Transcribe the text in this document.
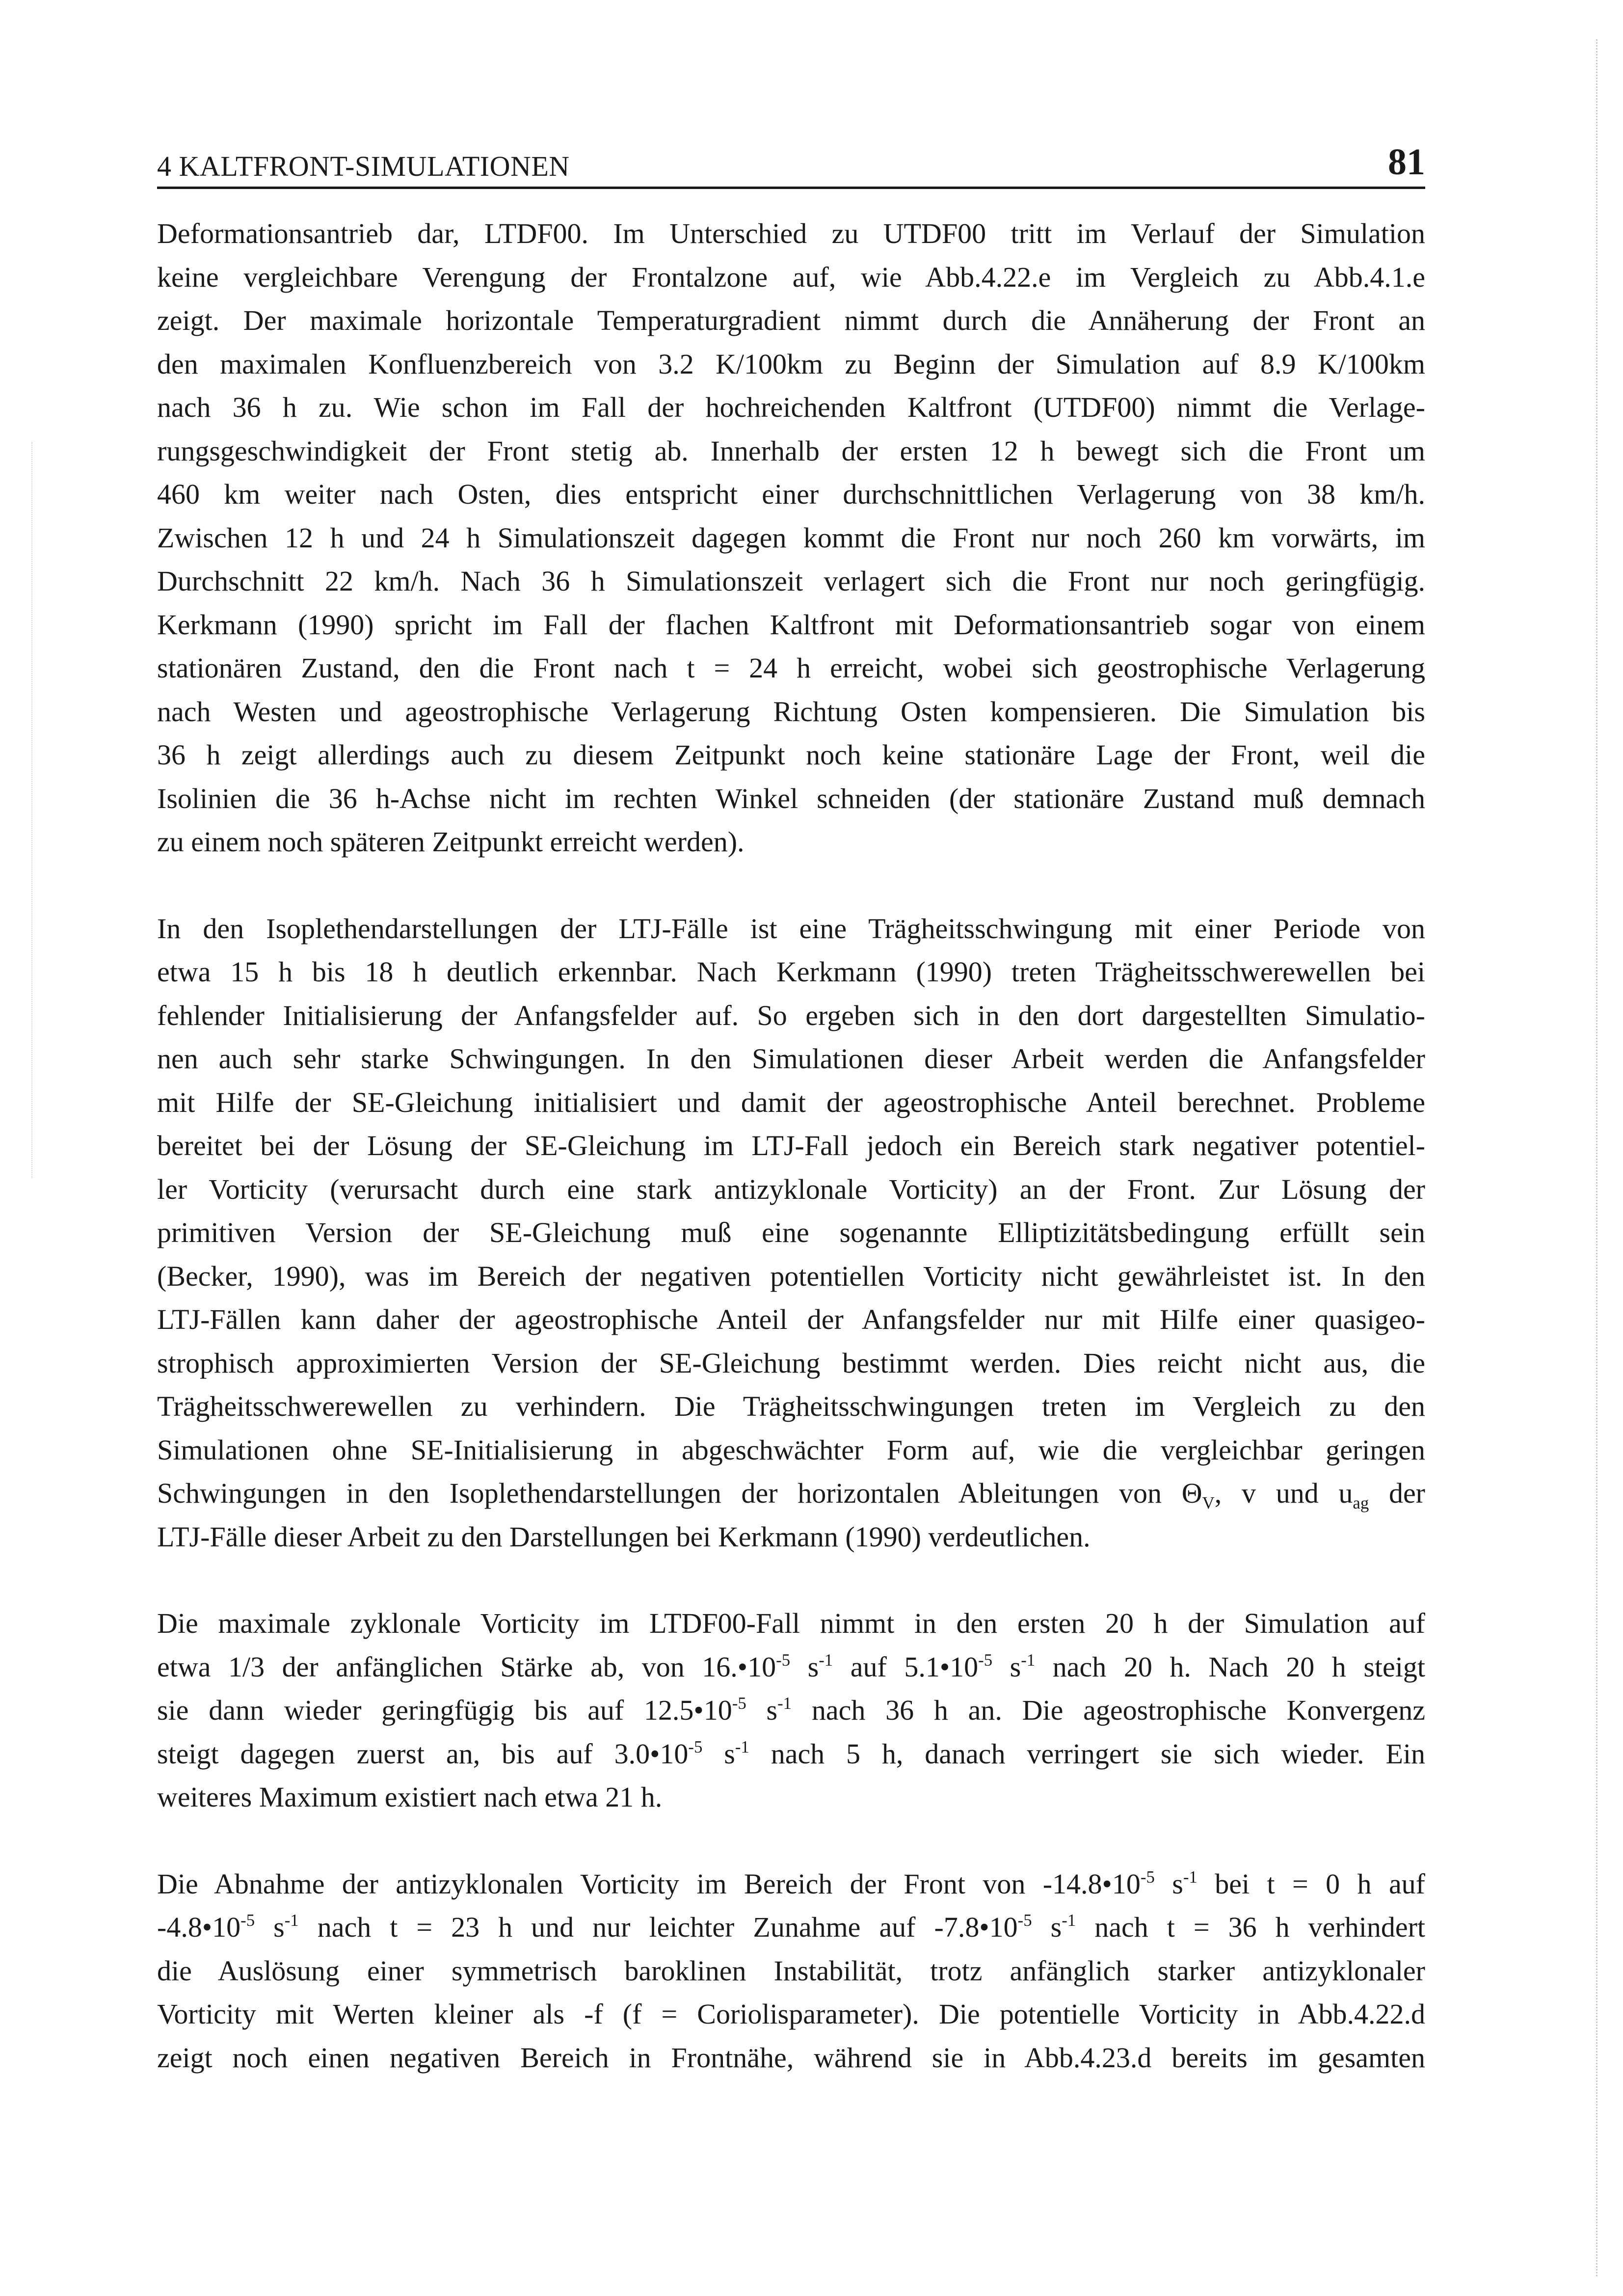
4 KALTFRONT-SIMULATIONEN	81
Deformationsantrieb dar, LTDF00. Im Unterschied zu UTDF00 tritt im Verlauf der Simulation
keine vergleichbare Verengung der Frontalzone auf, wie Abb.4.22.e im Vergleich zu Abb.4.1.e
zeigt. Der maximale horizontale Temperaturgradient nimmt durch die Annäherung der Front an
den maximalen Konfluenzbereich von 3.2 K/100km zu Beginn der Simulation auf 8.9 K/100km
nach 36 h zu. Wie schon im Fall der hochreichenden Kaltfront (UTDF00) nimmt die Verlage-
rungsgeschwindigkeit der Front stetig ab. Innerhalb der ersten 12 h bewegt sich die Front um
460 km weiter nach Osten, dies entspricht einer durchschnittlichen Verlagerung von 38 km/h.
Zwischen 12 h und 24 h Simulationszeit dagegen kommt die Front nur noch 260 km vorwärts, im
Durchschnitt 22 km/h. Nach 36 h Simulationszeit verlagert sich die Front nur noch geringfügig.
Kerkmann (1990) spricht im Fall der flachen Kaltfront mit Deformationsantrieb sogar von einem
stationären Zustand, den die Front nach t = 24 h erreicht, wobei sich geostrophische Verlagerung
nach Westen und ageostrophische Verlagerung Richtung Osten kompensieren. Die Simulation bis
36 h zeigt allerdings auch zu diesem Zeitpunkt noch keine stationäre Lage der Front, weil die
Isolinien die 36 h-Achse nicht im rechten Winkel schneiden (der stationäre Zustand muß demnach
zu einem noch späteren Zeitpunkt erreicht werden).
In den Isoplethendarstellungen der LTJ-Fälle ist eine Trägheitsschwingung mit einer Periode von
etwa 15 h bis 18 h deutlich erkennbar. Nach Kerkmann (1990) treten Trägheitsschwerewellen bei
fehlender Initialisierung der Anfangsfelder auf. So ergeben sich in den dort dargestellten Simulatio-
nen auch sehr starke Schwingungen. In den Simulationen dieser Arbeit werden die Anfangsfelder
mit Hilfe der SE-Gleichung initialisiert und damit der ageostrophische Anteil berechnet. Probleme
bereitet bei der Lösung der SE-Gleichung im LTJ-Fall jedoch ein Bereich stark negativer potentiel-
ler Vorticity (verursacht durch eine stark antizyklonale Vorticity) an der Front. Zur Lösung der
primitiven Version der SE-Gleichung muß eine sogenannte Elliptizitätsbedingung erfüllt sein
(Becker, 1990), was im Bereich der negativen potentiellen Vorticity nicht gewährleistet ist. In den
LTJ-Fällen kann daher der ageostrophische Anteil der Anfangsfelder nur mit Hilfe einer quasigeo-
strophisch approximierten Version der SE-Gleichung bestimmt werden. Dies reicht nicht aus, die
Trägheitsschwerewellen zu verhindern. Die Trägheitsschwingungen treten im Vergleich zu den
Simulationen ohne SE-Initialisierung in abgeschwächter Form auf, wie die vergleichbar geringen
Schwingungen in den Isoplethendarstellungen der horizontalen Ableitungen von $\Theta_V$, v und $u_{ag}$ der
LTJ-Fälle dieser Arbeit zu den Darstellungen bei Kerkmann (1990) verdeutlichen.
Die maximale zyklonale Vorticity im LTDF00-Fall nimmt in den ersten 20 h der Simulation auf
etwa 1/3 der anfänglichen Stärke ab, von $16.•10^{-5}$ $s^{-1}$ auf $5.1•10^{-5}$ $s^{-1}$ nach 20 h. Nach 20 h steigt
sie dann wieder geringfügig bis auf $12.5•10^{-5}$ $s^{-1}$ nach 36 h an. Die ageostrophische Konvergenz
steigt dagegen zuerst an, bis auf $3.0•10^{-5}$ $s^{-1}$ nach 5 h, danach verringert sie sich wieder. Ein
weiteres Maximum existiert nach etwa 21 h.
Die Abnahme der antizyklonalen Vorticity im Bereich der Front von $-14.8•10^{-5}$ $s^{-1}$ bei t = 0 h auf
$-4.8•10^{-5}$ $s^{-1}$ nach t = 23 h und nur leichter Zunahme auf $-7.8•10^{-5}$ $s^{-1}$ nach t = 36 h verhindert
die Auslösung einer symmetrisch baroklinen Instabilität, trotz anfänglich starker antizyklonaler
Vorticity mit Werten kleiner als -f (f = Coriolisparameter). Die potentielle Vorticity in Abb.4.22.d
zeigt noch einen negativen Bereich in Frontnähe, während sie in Abb.4.23.d bereits im gesamten
